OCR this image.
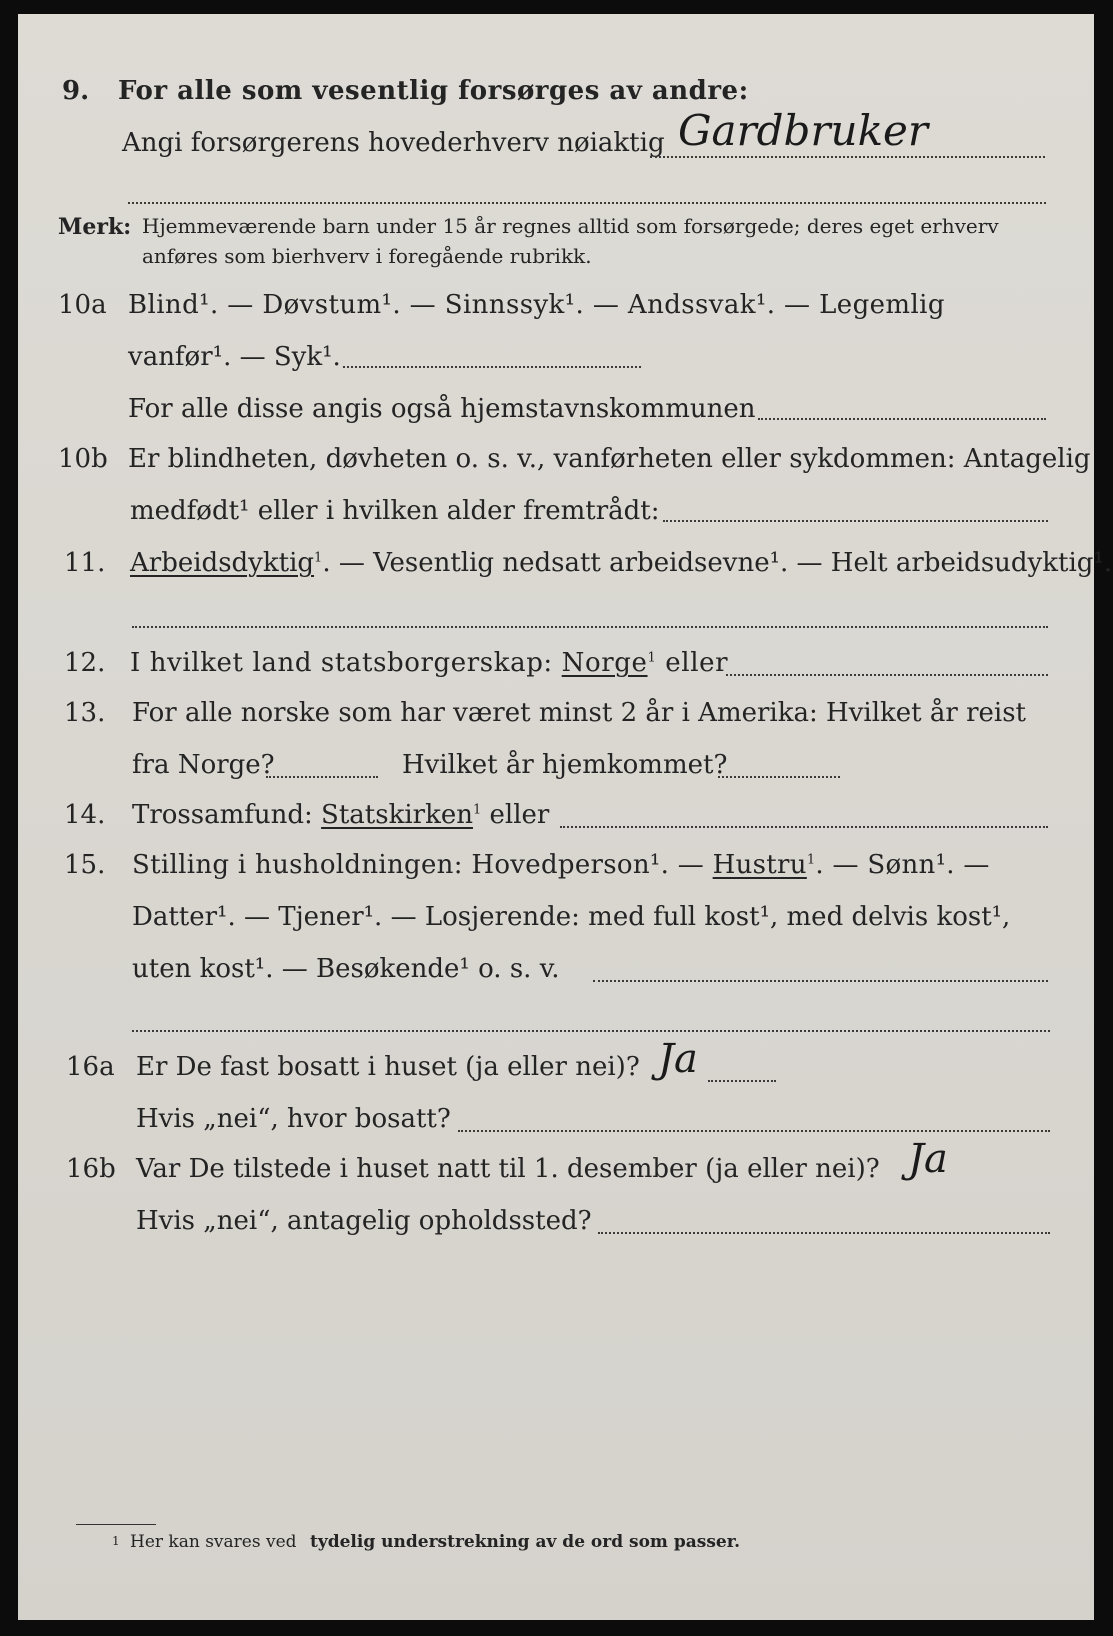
9. For alle som vesentlig forsørges av andre:
Angi forsørgerens hovederhverv nøiaktig Gardbruker
Merk: Hjemmeværende barn under 15 år regnes alltid som forsørgede; deres eget erhverv
anføres som bierhverv i foregående rubrikk.
10a Blind¹. — Døvstum¹. — Sinnssyk¹. — Andssvak¹. — Legemlig
vanfør¹. — Syk¹.
For alle disse angis også hjemstavnskommunen
10b Er blindheten, døvheten o. s. v., vanførheten eller sykdommen: Antagelig
medfødt¹ eller i hvilken alder fremtrådt:
11. Arbeidsdyktig$^1$. — Vesentlig nedsatt arbeidsevne¹. — Helt arbeidsudyktig¹.
12. I hvilket land statsborgerskap: Norge$^1$ eller
13. For alle norske som har været minst 2 år i Amerika: Hvilket år reist
fra Norge?	Hvilket år hjemkommet?
14. Trossamfund: Statskirken$^1$ eller
15. Stilling i husholdningen: Hovedperson¹. — Hustru$^1$. — Sønn¹. —
Datter¹. — Tjener¹. — Losjerende: med full kost¹, med delvis kost¹,
uten kost¹. — Besøkende¹ o. s. v.
16a Er De fast bosatt i huset (ja eller nei)? Ja
Hvis „nei“, hvor bosatt?
16b Var De tilstede i huset natt til 1. desember (ja eller nei)? Ja
Hvis „nei“, antagelig opholdssted?
1 Her kan svares ved tydelig understrekning av de ord som passer.
